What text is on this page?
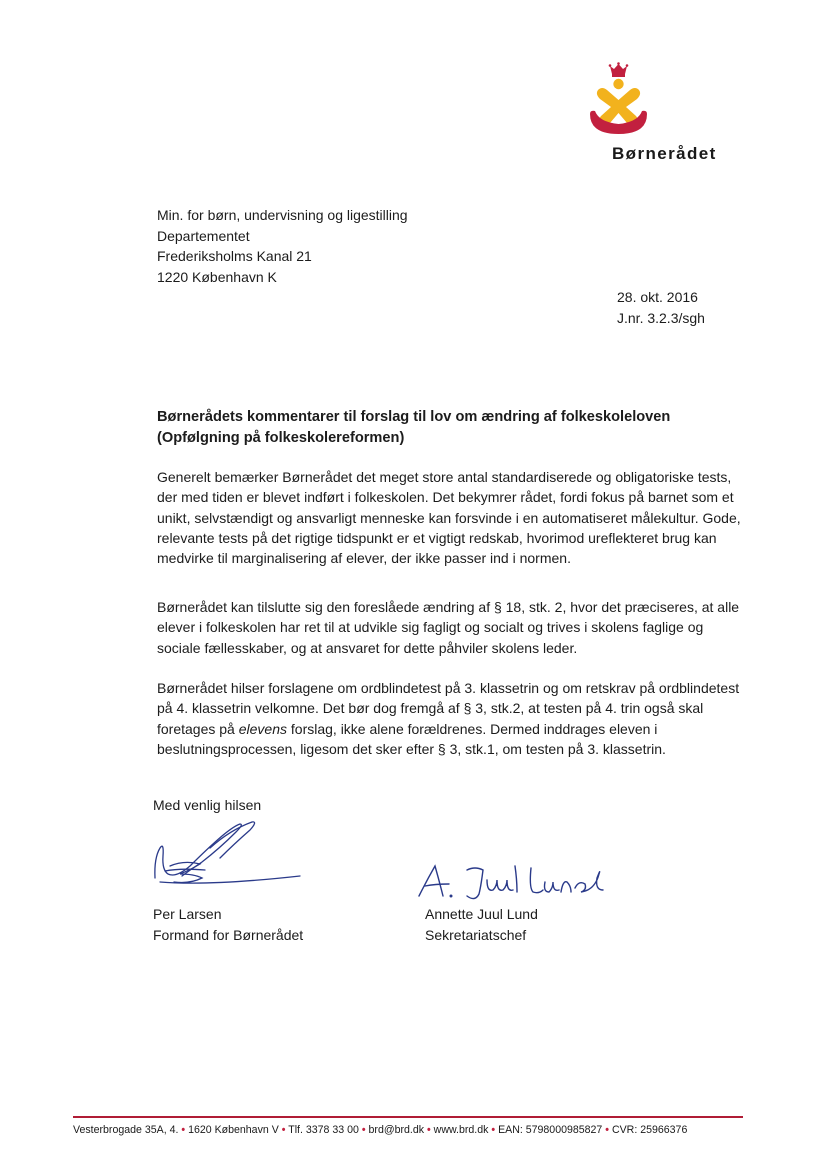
Børnerådet
Min. for børn, undervisning og ligestilling
Departementet
Frederiksholms Kanal 21
1220 København K
28. okt. 2016
J.nr. 3.2.3/sgh
Børnerådets kommentarer til forslag til lov om ændring af folkeskoleloven
(Opfølgning på folkeskolereformen)
Generelt bemærker Børnerådet det meget store antal standardiserede og obligatoriske tests,
der med tiden er blevet indført i folkeskolen. Det bekymrer rådet, fordi fokus på barnet som et
unikt, selvstændigt og ansvarligt menneske kan forsvinde i en automatiseret målekultur. Gode,
relevante tests på det rigtige tidspunkt er et vigtigt redskab, hvorimod ureflekteret brug kan
medvirke til marginalisering af elever, der ikke passer ind i normen.
Børnerådet kan tilslutte sig den foreslåede ændring af § 18, stk. 2, hvor det præciseres, at alle
elever i folkeskolen har ret til at udvikle sig fagligt og socialt og trives i skolens faglige og
sociale fællesskaber, og at ansvaret for dette påhviler skolens leder.
Børnerådet hilser forslagene om ordblindetest på 3. klassetrin og om retskrav på ordblindetest
på 4. klassetrin velkomne. Det bør dog fremgå af § 3, stk.2, at testen på 4. trin også skal
foretages på elevens forslag, ikke alene forældrenes. Dermed inddrages eleven i
beslutningsprocessen, ligesom det sker efter § 3, stk.1, om testen på 3. klassetrin.
Med venlig hilsen
Per Larsen
Formand for Børnerådet
Annette Juul Lund
Sekretariatschef
Vesterbrogade 35A, 4. • 1620 København V • Tlf. 3378 33 00 • brd@brd.dk • www.brd.dk • EAN: 5798000985827 • CVR: 25966376
